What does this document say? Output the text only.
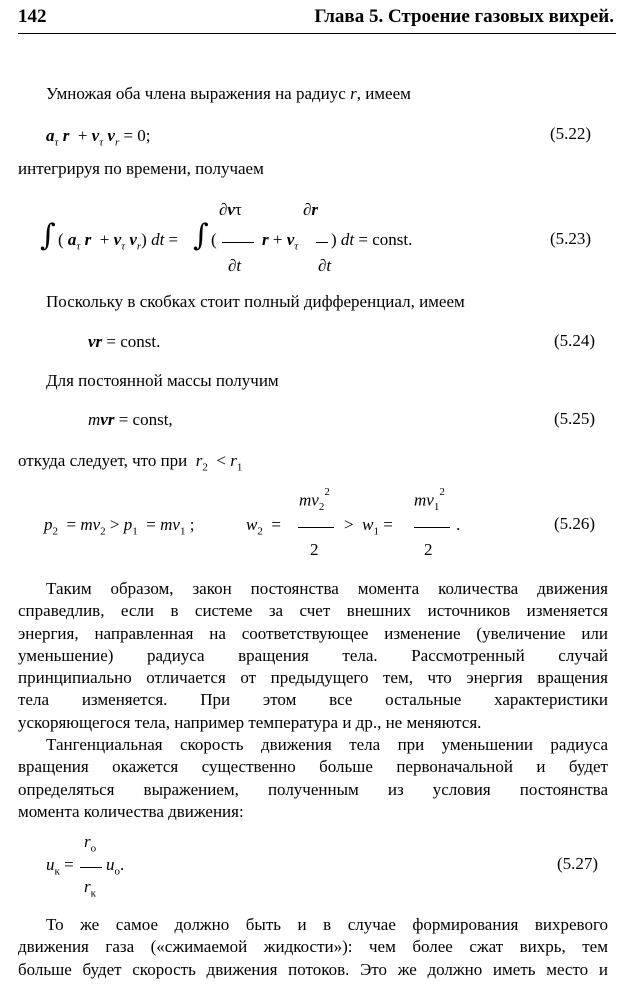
142	Глава 5. Строение газовых вихрей.
Умножая оба члена выражения на радиус r, имеем
$a_\tau$ $r + v_\tau$ $v_r = 0$;	(5.22)
интегрируя по времени, получаем
∂vτ	∂r
∫ ( $a_\tau$ $r + v_\tau$ $v_r$) dt = ∫ (	$r + v_\tau$ ) dt = const.
∂t	∂t
(5.23)
Поскольку в скобках стоит полный дифференциал, имеем
vr = const.	(5.24)
Для постоянной массы получим
mvr = const,	(5.25)
откуда следует, что при  $r_2 < r_1$
$mv_2^2$	$mv_1^2$
$p_2 = mv_2 > p_1 = mv_1$ ;	$w_2$  =	>  $w_1$ =	.
2	2
(5.26)
Таким образом, закон постоянства момента количества движения
справедлив, если в системе за счет внешних источников изменяется
энергия, направленная на соответствующее изменение (увеличение или
уменьшение) радиуса вращения тела. Рассмотренный случай
принципиально отличается от предыдущего тем, что энергия вращения
тела изменяется. При этом все остальные характеристики
ускоряющегося тела, например температура и др., не меняются.
Тангенциальная скорость движения тела при уменьшении радиуса
вращения окажется существенно больше первоначальной и будет
определяться выражением, полученным из условия постоянства
момента количества движения:
$r_о$
$u_к = u_о$.
$r_к$
(5.27)
То же самое должно быть и в случае формирования вихревого
движения газа («сжимаемой жидкости»): чем более сжат вихрь, тем
больше будет скорость движения потоков. Это же должно иметь место и
